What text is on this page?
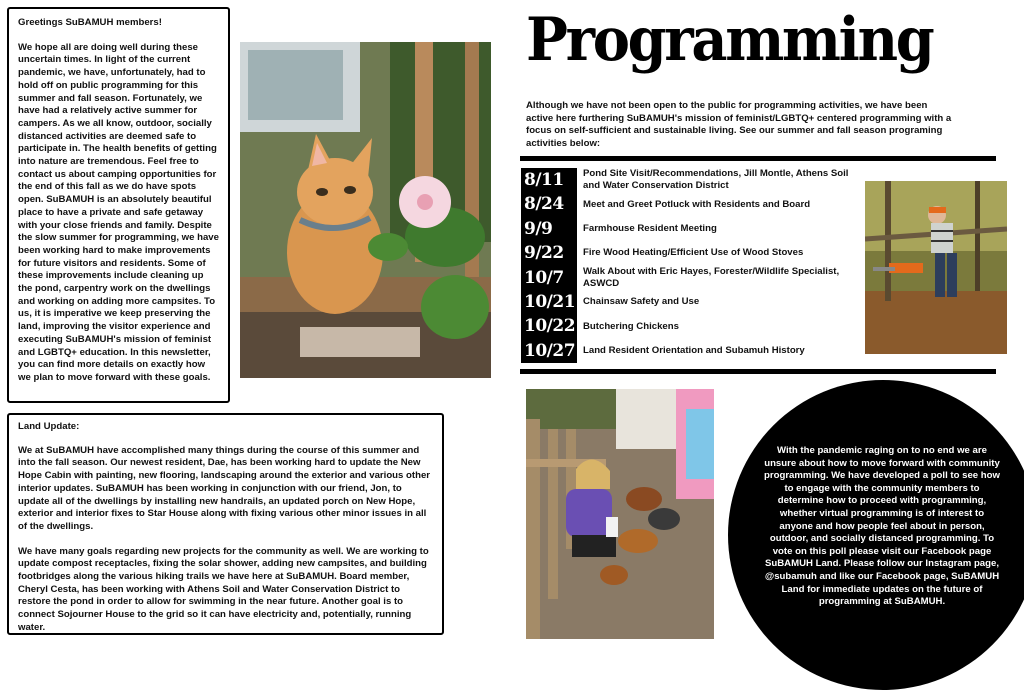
Greetings SuBAMUH members!

We hope all are doing well during these uncertain times. In light of the current pandemic, we have, unfortunately, had to hold off on public programming for this summer and fall season. Fortunately, we have had a relatively active summer for campers. As we all know, outdoor, socially distanced activities are deemed safe to participate in. The health benefits of getting into nature are tremendous. Feel free to contact us about camping opportunities for the end of this fall as we do have spots open. SuBAMUH is an absolutely beautiful place to have a private and safe getaway with your close friends and family. Despite the slow summer for programming, we have been working hard to make improvements for future visitors and residents. Some of these improvements include cleaning up the pond, carpentry work on the dwellings and working on adding more campsites. To us, it is imperative we keep preserving the land, improving the visitor experience and executing SuBAMUH's mission of feminist and LGBTQ+ education. In this newsletter, you can find more details on exactly how we plan to move forward with these goals.

Programming

Although we have not been open to the public for programming activities, we have been active here furthering SuBAMUH's mission of feminist/LGBTQ+ centered programming with a focus on self-sufficient and sustainable living. See our summer and fall season programing activities below:

8/11	Pond Site Visit/Recommendations, Jill Montle, Athens Soil and Water Conservation District
8/24	Meet and Greet Potluck with Residents and Board
9/9	Farmhouse Resident Meeting
9/22	Fire Wood Heating/Efficient Use of Wood Stoves
10/7	Walk About with Eric Hayes, Forester/Wildlife Specialist, ASWCD
10/21 Chainsaw Safety and Use
10/22 Butchering Chickens
10/27 Land Resident Orientation and Subamuh History

Land Update:

We at SuBAMUH have accomplished many things during the course of this summer and into the fall season. Our newest resident, Dae, has been working hard to update the New Hope Cabin with painting, new flooring, landscaping around the exterior and various other interior updates. SuBAMUH has been working in conjunction with our friend, Jon, to update all of the dwellings by installing new handrails, an updated porch on New Hope, exterior and interior fixes to Star House along with fixing various other minor issues in all of the dwellings.

We have many goals regarding new projects for the community as well. We are working to update compost receptacles, fixing the solar shower, adding new campsites, and building footbridges along the various hiking trails we have here at SuBAMUH. Board member, Cheryl Cesta, has been working with Athens Soil and Water Conservation District to restore the pond in order to allow for swimming in the near future. Another goal is to connect Sojourner House to the grid so it can have electricity and, potentially, running water.

With the pandemic raging on to no end we are unsure about how to move forward with community programming. We have developed a poll to see how to engage with the community members to determine how to proceed with programming, whether virtual programming is of interest to anyone and how people feel about in person, outdoor, and socially distanced programming. To vote on this poll please visit our Facebook page SuBAMUH Land. Please follow our Instagram page, @subamuh and like our Facebook page, SuBAMUH Land for immediate updates on the future of programming at SuBAMUH.
